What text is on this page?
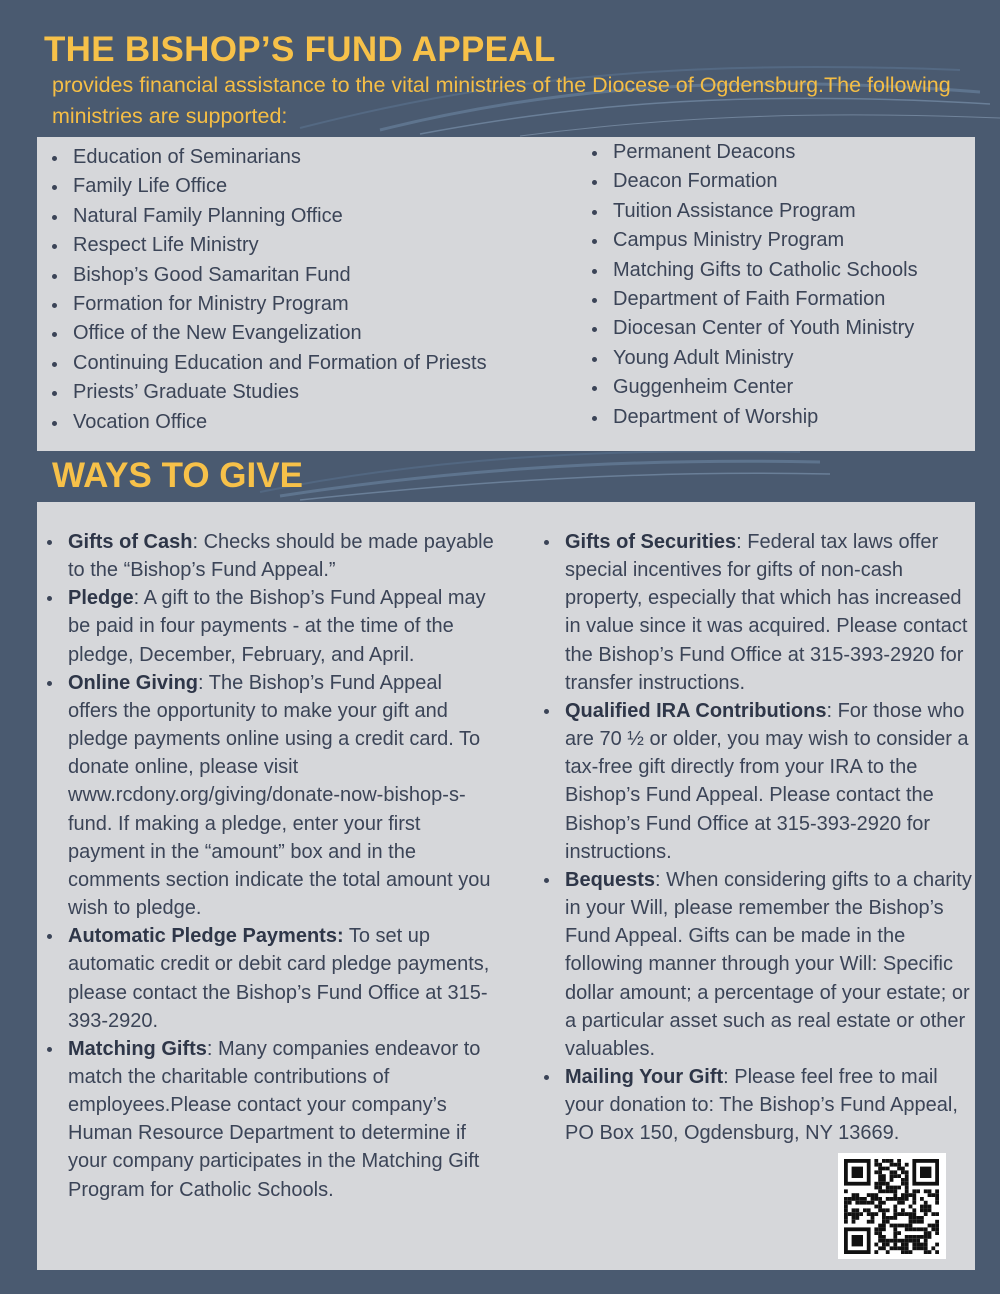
THE BISHOP’S FUND APPEAL

provides financial assistance to the vital ministries of the Diocese of Ogdensburg.The following ministries are supported:

Education of Seminarians
Family Life Office
Natural Family Planning Office
Respect Life Ministry
Bishop’s Good Samaritan Fund
Formation for Ministry Program
Office of the New Evangelization
Continuing Education and Formation of Priests
Priests’ Graduate Studies
Vocation Office
Permanent Deacons
Deacon Formation
Tuition Assistance Program
Campus Ministry Program
Matching Gifts to Catholic Schools
Department of Faith Formation
Diocesan Center of Youth Ministry
Young Adult Ministry
Guggenheim Center
Department of Worship
WAYS TO GIVE
Gifts of Cash: Checks should be made payable to the “Bishop’s Fund Appeal.”
Pledge: A gift to the Bishop’s Fund Appeal may be paid in four payments - at the time of the pledge, December, February, and April.
Online Giving: The Bishop’s Fund Appeal offers the opportunity to make your gift and pledge payments online using a credit card. To donate online, please visit www.rcdony.org/giving/donate-now-bishop-s-fund. If making a pledge, enter your first payment in the “amount” box and in the comments section indicate the total amount you wish to pledge.
Automatic Pledge Payments: To set up automatic credit or debit card pledge payments, please contact the Bishop’s Fund Office at 315-393-2920.
Matching Gifts: Many companies endeavor to match the charitable contributions of employees.Please contact your company’s Human Resource Department to determine if your company participates in the Matching Gift Program for Catholic Schools.
Gifts of Securities: Federal tax laws offer special incentives for gifts of non-cash property, especially that which has increased in value since it was acquired. Please contact the Bishop’s Fund Office at 315-393-2920 for transfer instructions.
Qualified IRA Contributions: For those who are 70 ½ or older, you may wish to consider a tax-free gift directly from your IRA to the Bishop’s Fund Appeal. Please contact the Bishop’s Fund Office at 315-393-2920 for instructions.
Bequests: When considering gifts to a charity in your Will, please remember the Bishop’s Fund Appeal. Gifts can be made in the following manner through your Will: Specific dollar amount; a percentage of your estate; or a particular asset such as real estate or other valuables.
Mailing Your Gift: Please feel free to mail your donation to: The Bishop’s Fund Appeal, PO Box 150, Ogdensburg, NY 13669.
